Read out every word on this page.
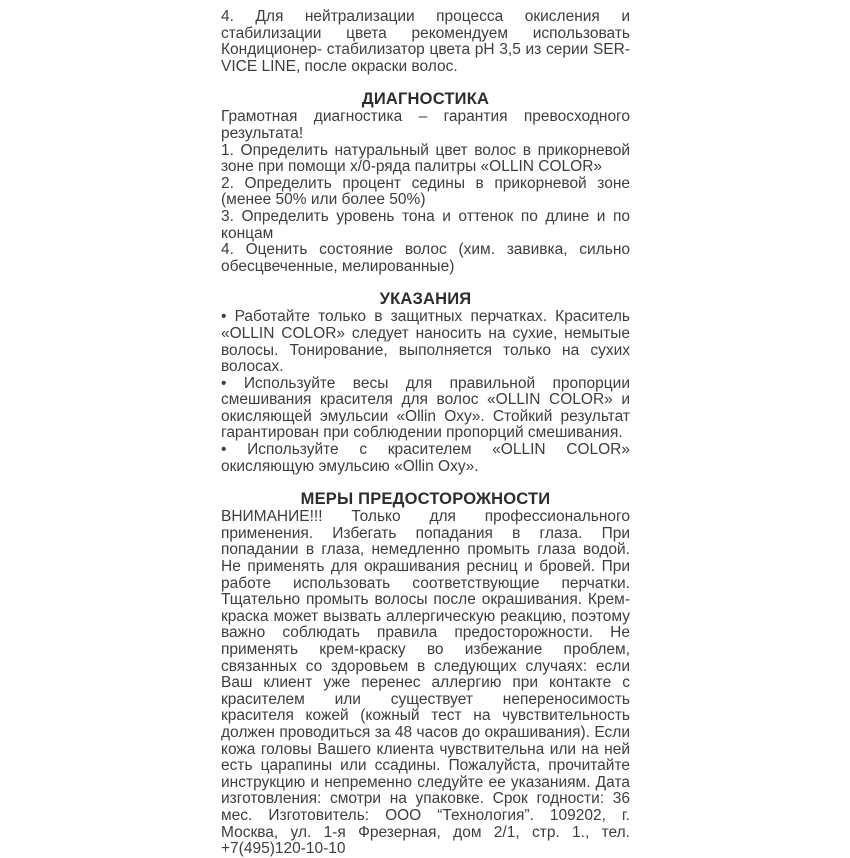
4. Для нейтрализации процесса окисления и стабилизации цвета рекомендуем использовать Кондиционер- стабилизатор цвета pH 3,5 из серии SER-VICE LINE, после окраски волос.

ДИАГНОСТИКА

Грамотная диагностика – гарантия превосходного результата!

1. Определить натуральный цвет волос в прикорневой зоне при помощи х/0-ряда палитры «OLLIN COLOR»

2. Определить процент седины в прикорневой зоне (менее 50% или более 50%)

3. Определить уровень тона и оттенок по длине и по концам

4. Оценить состояние волос (хим. завивка, сильно обесцвеченные, мелированные)

УКАЗАНИЯ

• Работайте только в защитных перчатках. Краситель «OLLIN COLOR» следует наносить на сухие, немытые волосы. Тонирование, выполняется только на сухих волосах.

• Используйте весы для правильной пропорции смешивания красителя для волос «OLLIN COLOR» и окисляющей эмульсии «Ollin Oxy». Стойкий результат гарантирован при соблюдении пропорций смешивания.

• Используйте с красителем «OLLIN COLOR» окисляющую эмульсию «Ollin Oxy».

МЕРЫ ПРЕДОСТОРОЖНОСТИ

ВНИМАНИЕ!!! Только для профессионального применения. Избегать попадания в глаза. При попадании в глаза, немедленно промыть глаза водой. Не применять для окрашивания ресниц и бровей. При работе использовать соответствующие перчатки. Тщательно промыть волосы после окрашивания. Крем-краска может вызвать аллергическую реакцию, поэтому важно соблюдать правила предосторожности. Не применять крем-краску во избежание проблем, связанных со здоровьем в следующих случаях: если Ваш клиент уже перенес аллергию при контакте с красителем или существует непереносимость красителя кожей (кожный тест на чувствительность должен проводиться за 48 часов до окрашивания). Если кожа головы Вашего клиента чувствительна или на ней есть царапины или ссадины. Пожалуйста, прочитайте инструкцию и непременно следуйте ее указаниям. Дата изготовления: смотри на упаковке. Срок годности: 36 мес. Изготовитель: ООО “Технология”. 109202, г. Москва, ул. 1-я Фрезерная, дом 2/1, стр. 1., тел. +7(495)120-10-10
